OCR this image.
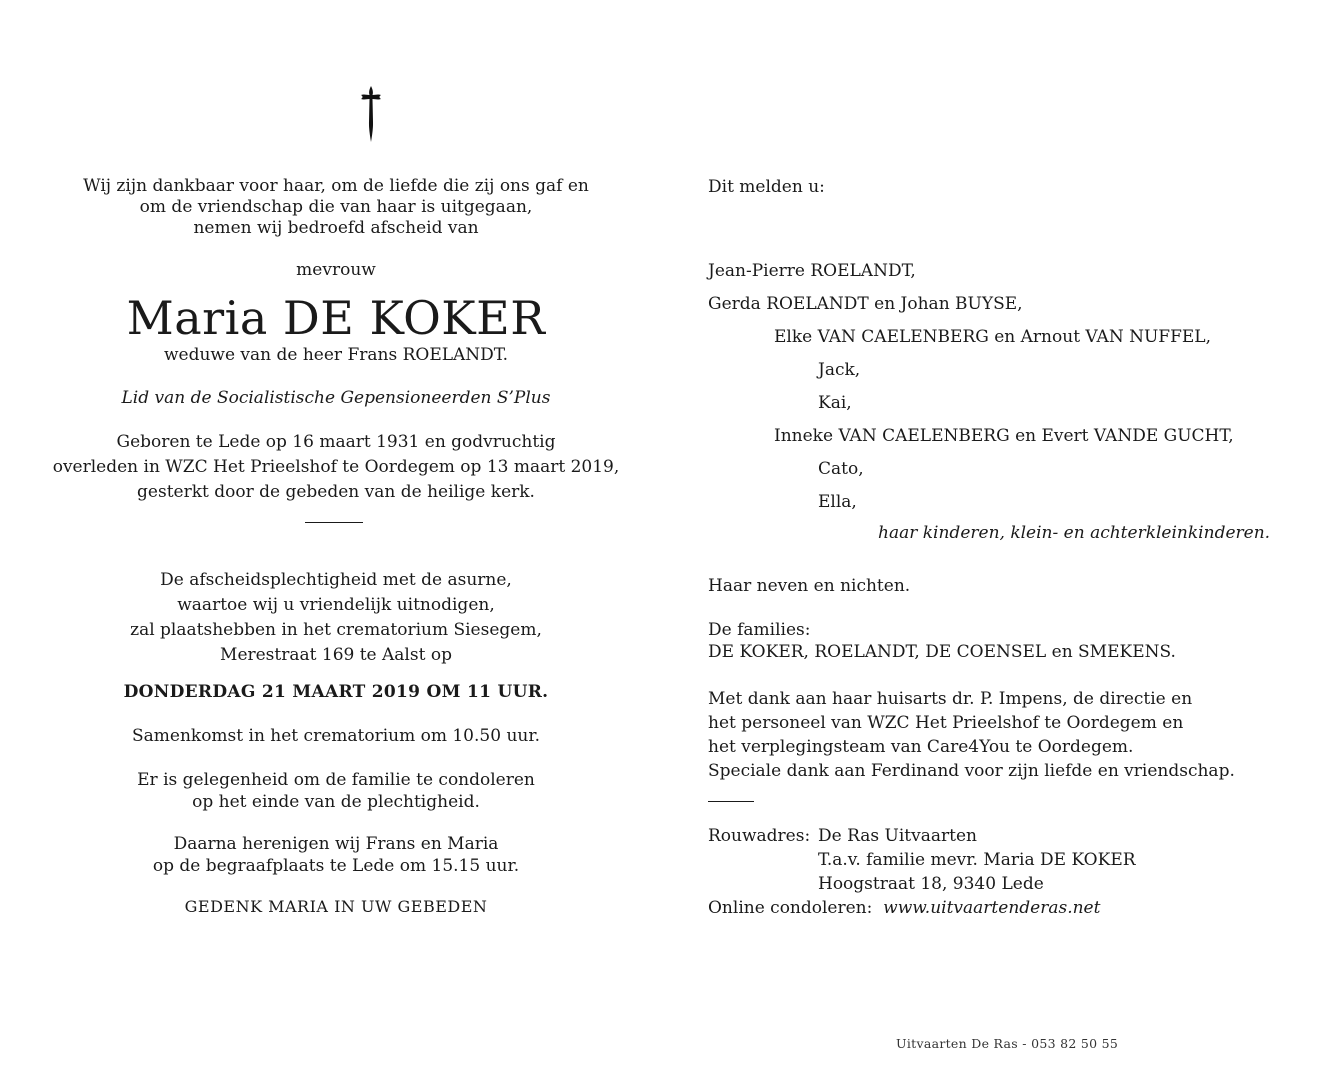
Wij zijn dankbaar voor haar, om de liefde die zij ons gaf en
om de vriendschap die van haar is uitgegaan,
nemen wij bedroefd afscheid van
mevrouw
Maria DE KOKER
weduwe van de heer Frans ROELANDT.
Lid van de Socialistische Gepensioneerden S’Plus
Geboren te Lede op 16 maart 1931 en godvruchtig
overleden in WZC Het Prieelshof te Oordegem op 13 maart 2019,
gesterkt door de gebeden van de heilige kerk.
De afscheidsplechtigheid met de asurne,
waartoe wij u vriendelijk uitnodigen,
zal plaatshebben in het crematorium Siesegem,
Merestraat 169 te Aalst op
DONDERDAG 21 MAART 2019 OM 11 UUR.
Samenkomst in het crematorium om 10.50 uur.
Er is gelegenheid om de familie te condoleren
op het einde van de plechtigheid.
Daarna herenigen wij Frans en Maria
op de begraafplaats te Lede om 15.15 uur.
GEDENK MARIA IN UW GEBEDEN
Dit melden u:
Jean-Pierre ROELANDT,
Gerda ROELANDT en Johan BUYSE,
Elke VAN CAELENBERG en Arnout VAN NUFFEL,
Jack,
Kai,
Inneke VAN CAELENBERG en Evert VANDE GUCHT,
Cato,
Ella,
haar kinderen, klein- en achterkleinkinderen.
Haar neven en nichten.
De families:
DE KOKER, ROELANDT, DE COENSEL en SMEKENS.
Met dank aan haar huisarts dr. P. Impens, de directie en
het personeel van WZC Het Prieelshof te Oordegem en
het verplegingsteam van Care4You te Oordegem.
Speciale dank aan Ferdinand voor zijn liefde en vriendschap.
Rouwadres: De Ras Uitvaarten
T.a.v. familie mevr. Maria DE KOKER
Hoogstraat 18, 9340 Lede
Online condoleren: www.uitvaartenderas.net
Uitvaarten De Ras - 053 82 50 55
